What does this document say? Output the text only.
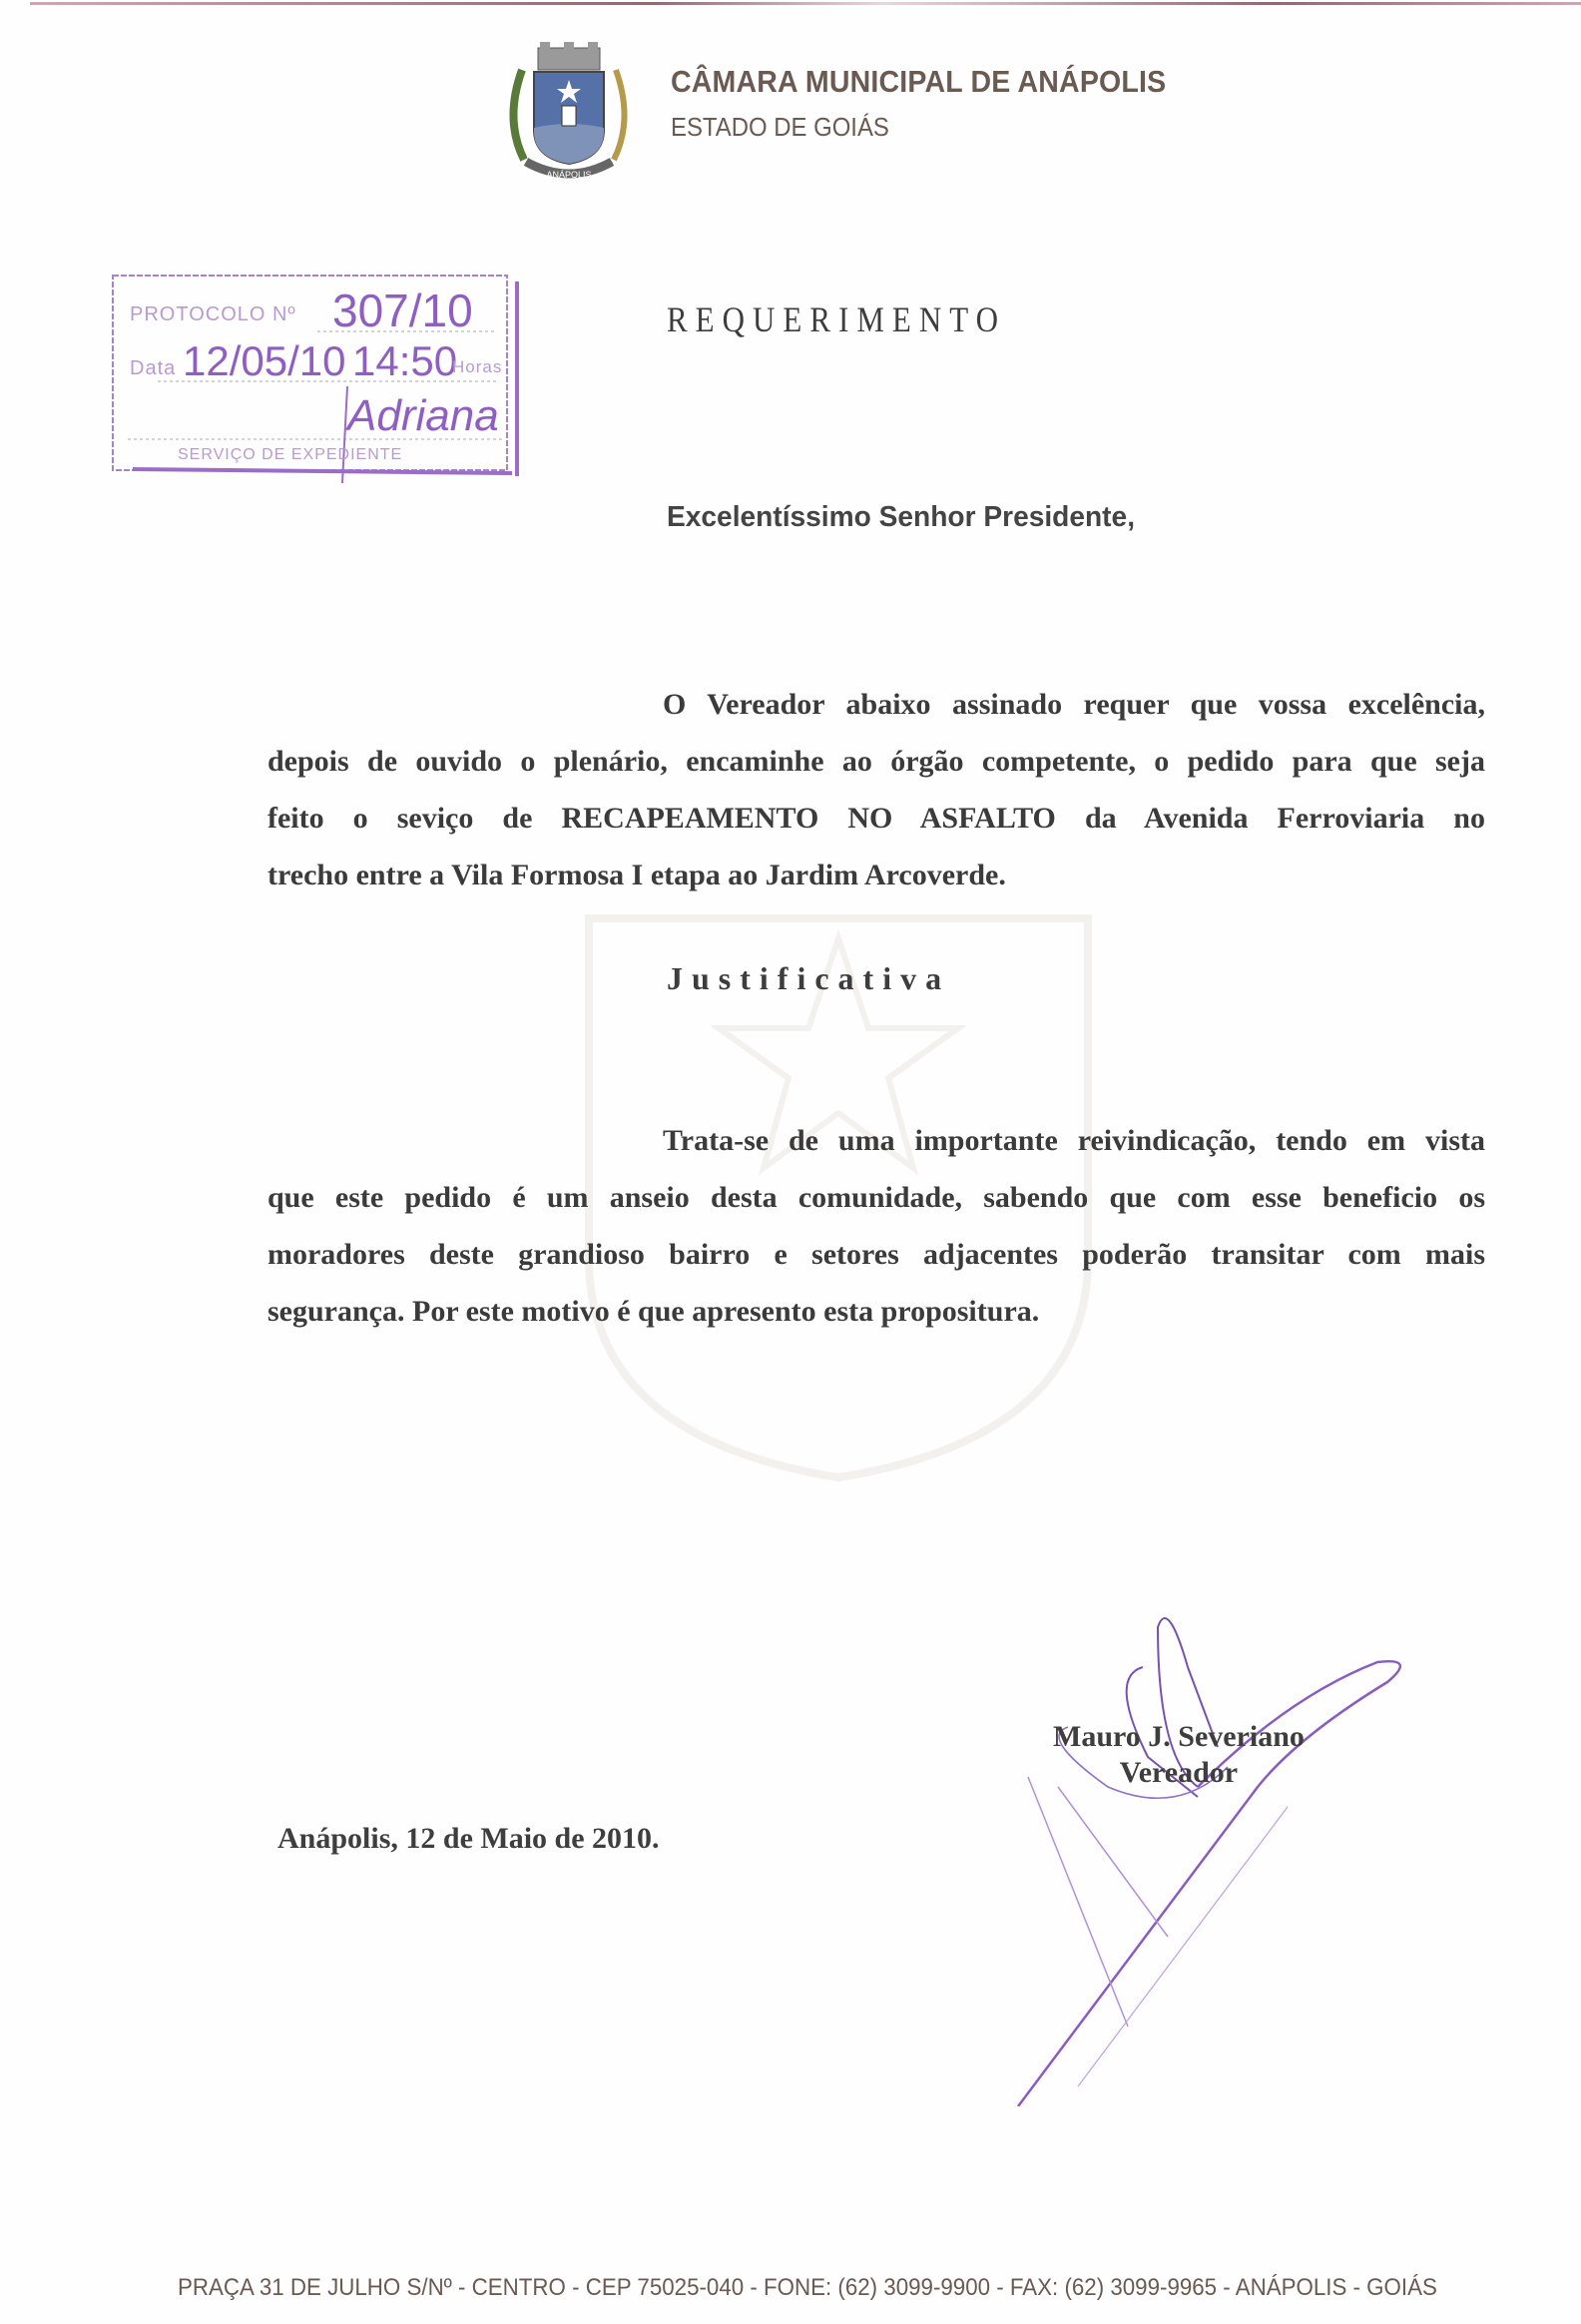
ANÁPOLIS
CÂMARA MUNICIPAL DE ANÁPOLIS
ESTADO DE GOIÁS
PROTOCOLO Nº 307/10
Data 12/05/10 14:50
Horas
Adriana
SERVIÇO DE EXPEDIENTE
REQUERIMENTO
Excelentíssimo Senhor Presidente,
O Vereador abaixo assinado requer que vossa excelência,
depois de ouvido o plenário, encaminhe ao órgão competente, o pedido para que seja
feito o seviço de RECAPEAMENTO NO ASFALTO da Avenida Ferroviaria no
trecho entre a Vila Formosa I etapa ao Jardim Arcoverde.
Justificativa
Trata-se de uma importante reivindicação, tendo em vista
que este pedido é um anseio desta comunidade, sabendo que com esse beneficio os
moradores deste grandioso bairro e setores adjacentes poderão transitar com mais
segurança. Por este motivo é que apresento esta propositura.
Mauro J. Severiano
Vereador
Anápolis, 12 de Maio de 2010.
PRAÇA 31 DE JULHO S/Nº - CENTRO - CEP 75025-040 - FONE: (62) 3099-9900 - FAX: (62) 3099-9965 - ANÁPOLIS - GOIÁS
